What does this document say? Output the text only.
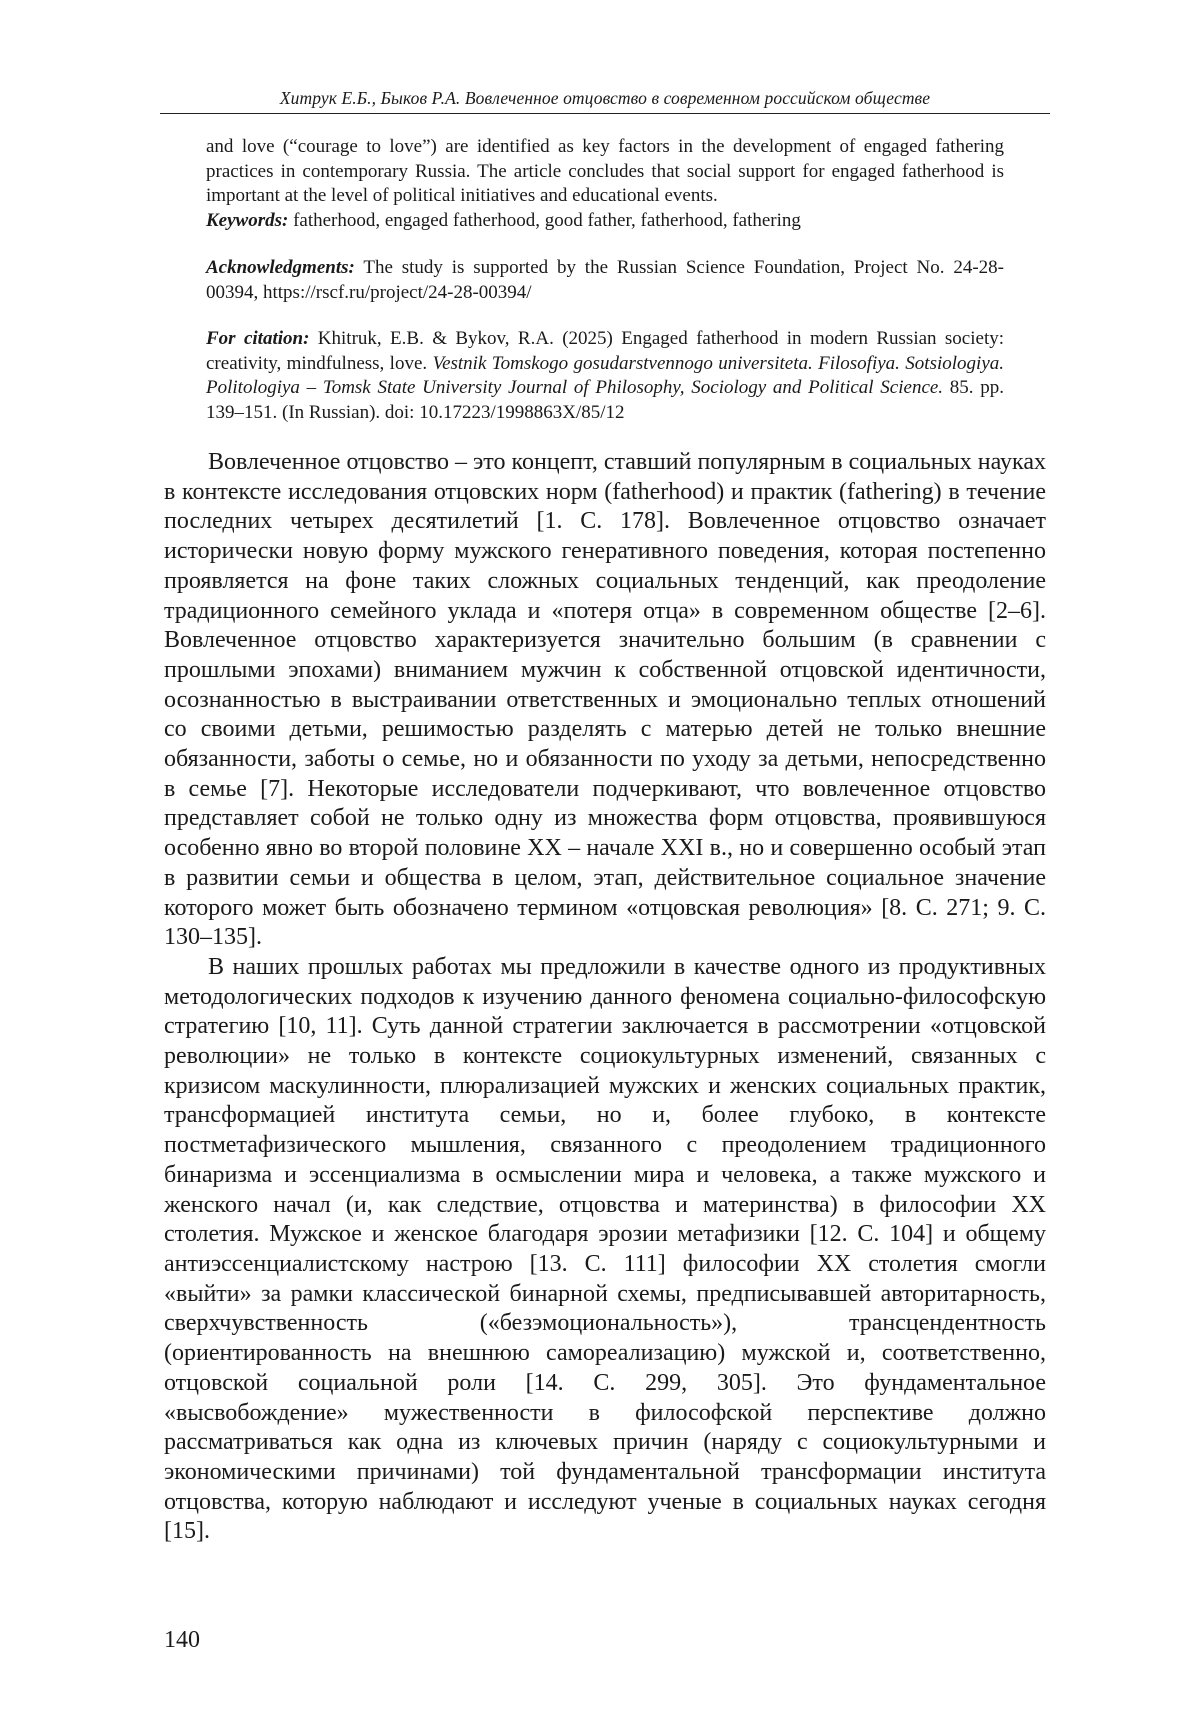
Хитрук Е.Б., Быков Р.А. Вовлеченное отцовство в современном российском обществе

and love (“courage to love”) are identified as key factors in the development of engaged fathering practices in contemporary Russia. The article concludes that social support for engaged fatherhood is important at the level of political initiatives and educational events.

Keywords: fatherhood, engaged fatherhood, good father, fatherhood, fathering

Acknowledgments: The study is supported by the Russian Science Foundation, Project No. 24-28-00394, https://rscf.ru/project/24-28-00394/

For citation: Khitruk, E.B. & Bykov, R.A. (2025) Engaged fatherhood in modern Russian society: creativity, mindfulness, love. Vestnik Tomskogo gosudarstvennogo universiteta. Filosofiya. Sotsiologiya. Politologiya – Tomsk State University Journal of Philosophy, Sociology and Political Science. 85. pp. 139–151. (In Russian). doi: 10.17223/1998863X/85/12

Вовлеченное отцовство – это концепт, ставший популярным в социальных науках в контексте исследования отцовских норм (fatherhood) и практик (fathering) в течение последних четырех десятилетий [1. С. 178]. Вовлеченное отцовство означает исторически новую форму мужского генеративного поведения, которая постепенно проявляется на фоне таких сложных социальных тенденций, как преодоление традиционного семейного уклада и «потеря отца» в современном обществе [2–6]. Вовлеченное отцовство характеризуется значительно большим (в сравнении с прошлыми эпохами) вниманием мужчин к собственной отцовской идентичности, осознанностью в выстраивании ответственных и эмоционально теплых отношений со своими детьми, решимостью разделять с матерью детей не только внешние обязанности, заботы о семье, но и обязанности по уходу за детьми, непосредственно в семье [7]. Некоторые исследователи подчеркивают, что вовлеченное отцовство представляет собой не только одну из множества форм отцовства, проявившуюся особенно явно во второй половине XX – начале XXI в., но и совершенно особый этап в развитии семьи и общества в целом, этап, действительное социальное значение которого может быть обозначено термином «отцовская революция» [8. С. 271; 9. С. 130–135].

В наших прошлых работах мы предложили в качестве одного из продуктивных методологических подходов к изучению данного феномена социально-философскую стратегию [10, 11]. Суть данной стратегии заключается в рассмотрении «отцовской революции» не только в контексте социокультурных изменений, связанных с кризисом маскулинности, плюрализацией мужских и женских социальных практик, трансформацией института семьи, но и, более глубоко, в контексте постметафизического мышления, связанного с преодолением традиционного бинаризма и эссенциализма в осмыслении мира и человека, а также мужского и женского начал (и, как следствие, отцовства и материнства) в философии XX столетия. Мужское и женское благодаря эрозии метафизики [12. С. 104] и общему антиэссенциалистскому настрою [13. С. 111] философии XX столетия смогли «выйти» за рамки классической бинарной схемы, предписывавшей авторитарность, сверхчувственность («безэмоциональность»), трансцендентность (ориентированность на внешнюю самореализацию) мужской и, соответственно, отцовской социальной роли [14. С. 299, 305]. Это фундаментальное «высвобождение» мужественности в философской перспективе должно рассматриваться как одна из ключевых причин (наряду с социокультурными и экономическими причинами) той фундаментальной трансформации института отцовства, которую наблюдают и исследуют ученые в социальных науках сегодня [15].

140
